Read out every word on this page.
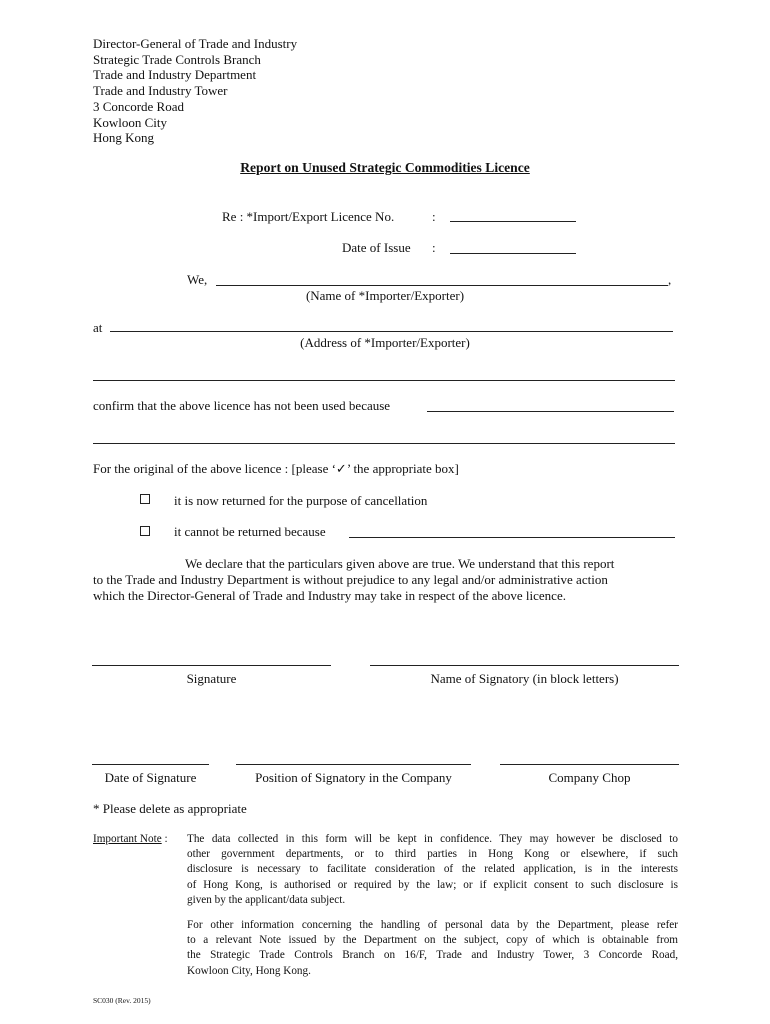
Director-General of Trade and Industry
Strategic Trade Controls Branch
Trade and Industry Department
Trade and Industry Tower
3 Concorde Road
Kowloon City
Hong Kong
Report on Unused Strategic Commodities Licence
Re : *Import/Export Licence No.	:
Date of Issue :
We,	,
(Name of *Importer/Exporter)
at
(Address of *Importer/Exporter)
confirm that the above licence has not been used because
For the original of the above licence : [please ‘✓’ the appropriate box]
it is now returned for the purpose of cancellation
it cannot be returned because
We declare that the particulars given above are true. We understand that this report
to the Trade and Industry Department is without prejudice to any legal and/or administrative action
which the Director-General of Trade and Industry may take in respect of the above licence.
Signature	Name of Signatory (in block letters)
Date of Signature	Position of Signatory in the Company	Company Chop
* Please delete as appropriate
Important Note : The data collected in this form will be kept in confidence. They may however be disclosed to
other government departments, or to third parties in Hong Kong or elsewhere, if such
disclosure is necessary to facilitate consideration of the related application, is in the interests
of Hong Kong, is authorised or required by the law; or if explicit consent to such disclosure is
given by the applicant/data subject.
For other information concerning the handling of personal data by the Department, please refer
to a relevant Note issued by the Department on the subject, copy of which is obtainable from
the Strategic Trade Controls Branch on 16/F, Trade and Industry Tower, 3 Concorde Road,
Kowloon City, Hong Kong.
SC030 (Rev. 2015)
